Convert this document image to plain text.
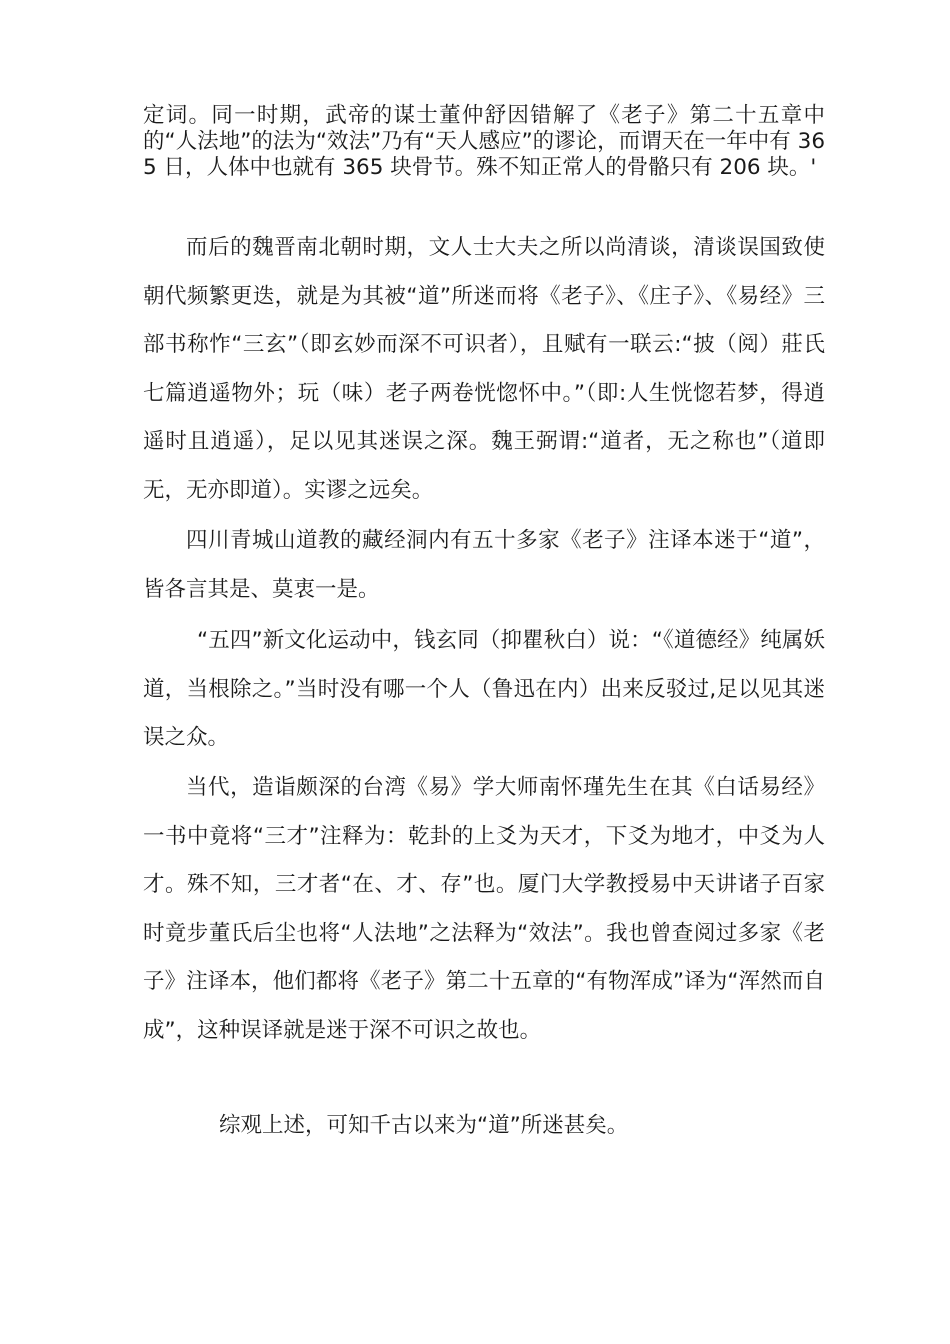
定词。同一时期，武帝的谋士董仲舒因错解了《老子》第二十五章中的“人法地”的法为“效法”乃有“天人感应”的谬论，而谓天在一年中有 365 日，人体中也就有 365 块骨节。殊不知正常人的骨骼只有 206 块。'

而后的魏晋南北朝时期，文人士大夫之所以尚清谈，清谈误国致使朝代频繁更迭，就是为其被“道”所迷而将《老子》、《庄子》、《易经》三部书称怍“三玄”（即玄妙而深不可识者），且赋有一联云:“披（阅）莊氏七篇逍遥物外；玩（味）老子两卷恍惚怀中。”（即:人生恍惚若梦，得逍遥时且逍遥），足以见其迷误之深。魏王弼谓:“道者，无之称也”（道即无，无亦即道）。实谬之远矣。

四川青城山道教的藏经洞内有五十多家《老子》注译本迷于“道”，皆各言其是、莫衷一是。

“五四”新文化运动中，钱玄同（抑瞿秋白）说：“《道德经》纯属妖道，当根除之。”当时没有哪一个人（鲁迅在内）出来反驳过,足以见其迷误之众。

当代，造诣颇深的台湾《易》学大师南怀瑾先生在其《白话易经》一书中竟将“三才”注释为：乾卦的上爻为天才，下爻为地才，中爻为人才。殊不知，三才者“在、才、存”也。厦门大学教授易中天讲诸子百家时竟步董氏后尘也将“人法地”之法释为“效法”。我也曾查阅过多家《老子》注译本，他们都将《老子》第二十五章的“有物浑成”译为“浑然而自成”，这种误译就是迷于深不可识之故也。

综观上述，可知千古以来为“道”所迷甚矣。
